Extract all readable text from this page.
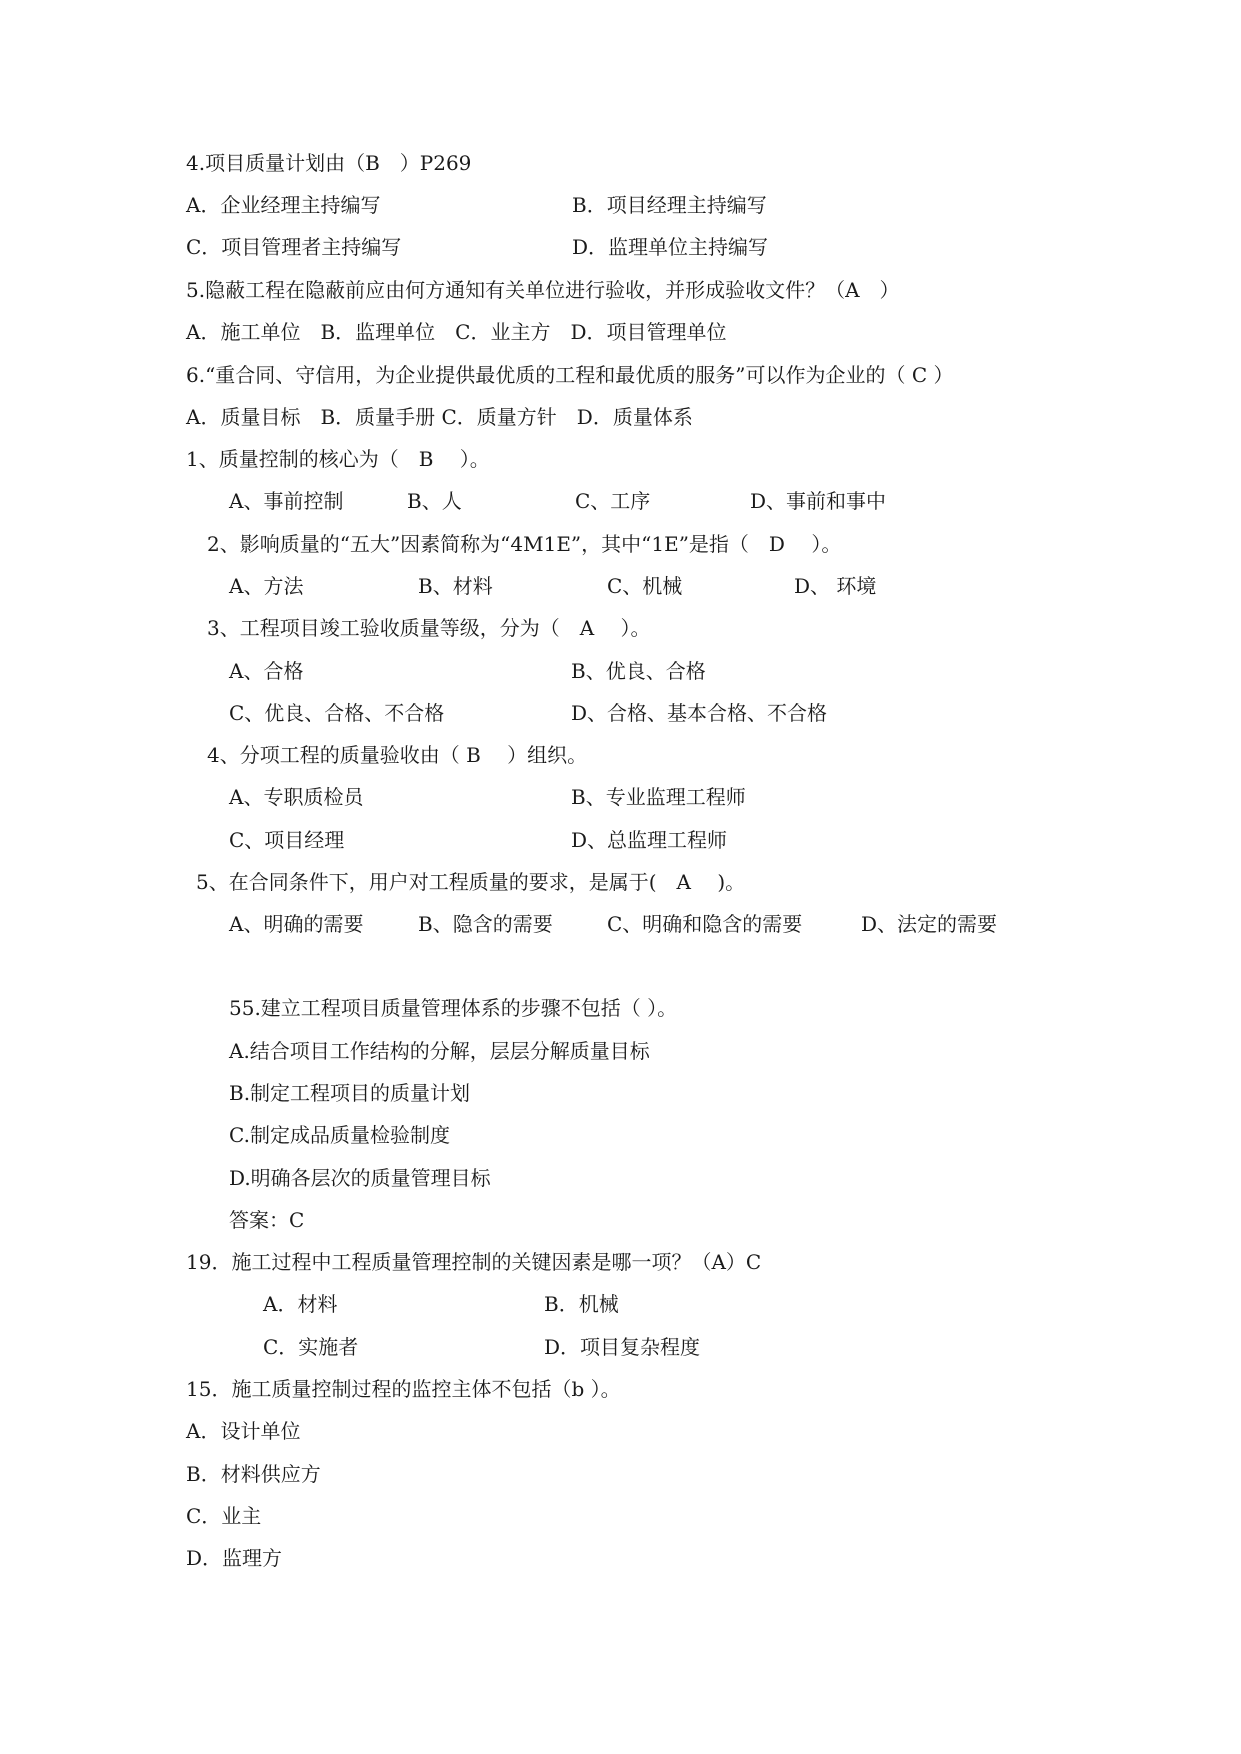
4.项目质量计划由（B　）P269
A．企业经理主持编写	B．项目经理主持编写
C．项目管理者主持编写	D．监理单位主持编写
5.隐蔽工程在隐蔽前应由何方通知有关单位进行验收，并形成验收文件？（A　）
A．施工单位　B．监理单位　C．业主方　D．项目管理单位
6.“重合同、守信用，为企业提供最优质的工程和最优质的服务”可以作为企业的（ C ）
A．质量目标　B．质量手册 C．质量方针　D．质量体系
1、质量控制的核心为（　B　 ）。
A、事前控制	B、人	C、工序	D、事前和事中
2、影响质量的“五大”因素简称为“4M1E”，其中“1E”是指（　D　 ）。
A、方法	B、材料	C、机械	D、 环境
3、工程项目竣工验收质量等级，分为（　A　 ）。
A、合格	B、优良、合格
C、优良、合格、不合格	D、合格、基本合格、不合格
4、分项工程的质量验收由（ B　 ）组织。
A、专职质检员	B、专业监理工程师
C、项目经理	D、总监理工程师
5、在合同条件下，用户对工程质量的要求，是属于(　A　 )。
A、明确的需要	B、隐含的需要	C、明确和隐含的需要	D、法定的需要
55.建立工程项目质量管理体系的步骤不包括（ ）。
A.结合项目工作结构的分解，层层分解质量目标
B.制定工程项目的质量计划
C.制定成品质量检验制度
D.明确各层次的质量管理目标
答案：C
19．施工过程中工程质量管理控制的关键因素是哪一项？（A）C
A．材料	B．机械
C．实施者	D．项目复杂程度
15．施工质量控制过程的监控主体不包括（b ）。
A．设计单位
B．材料供应方
C．业主
D．监理方
